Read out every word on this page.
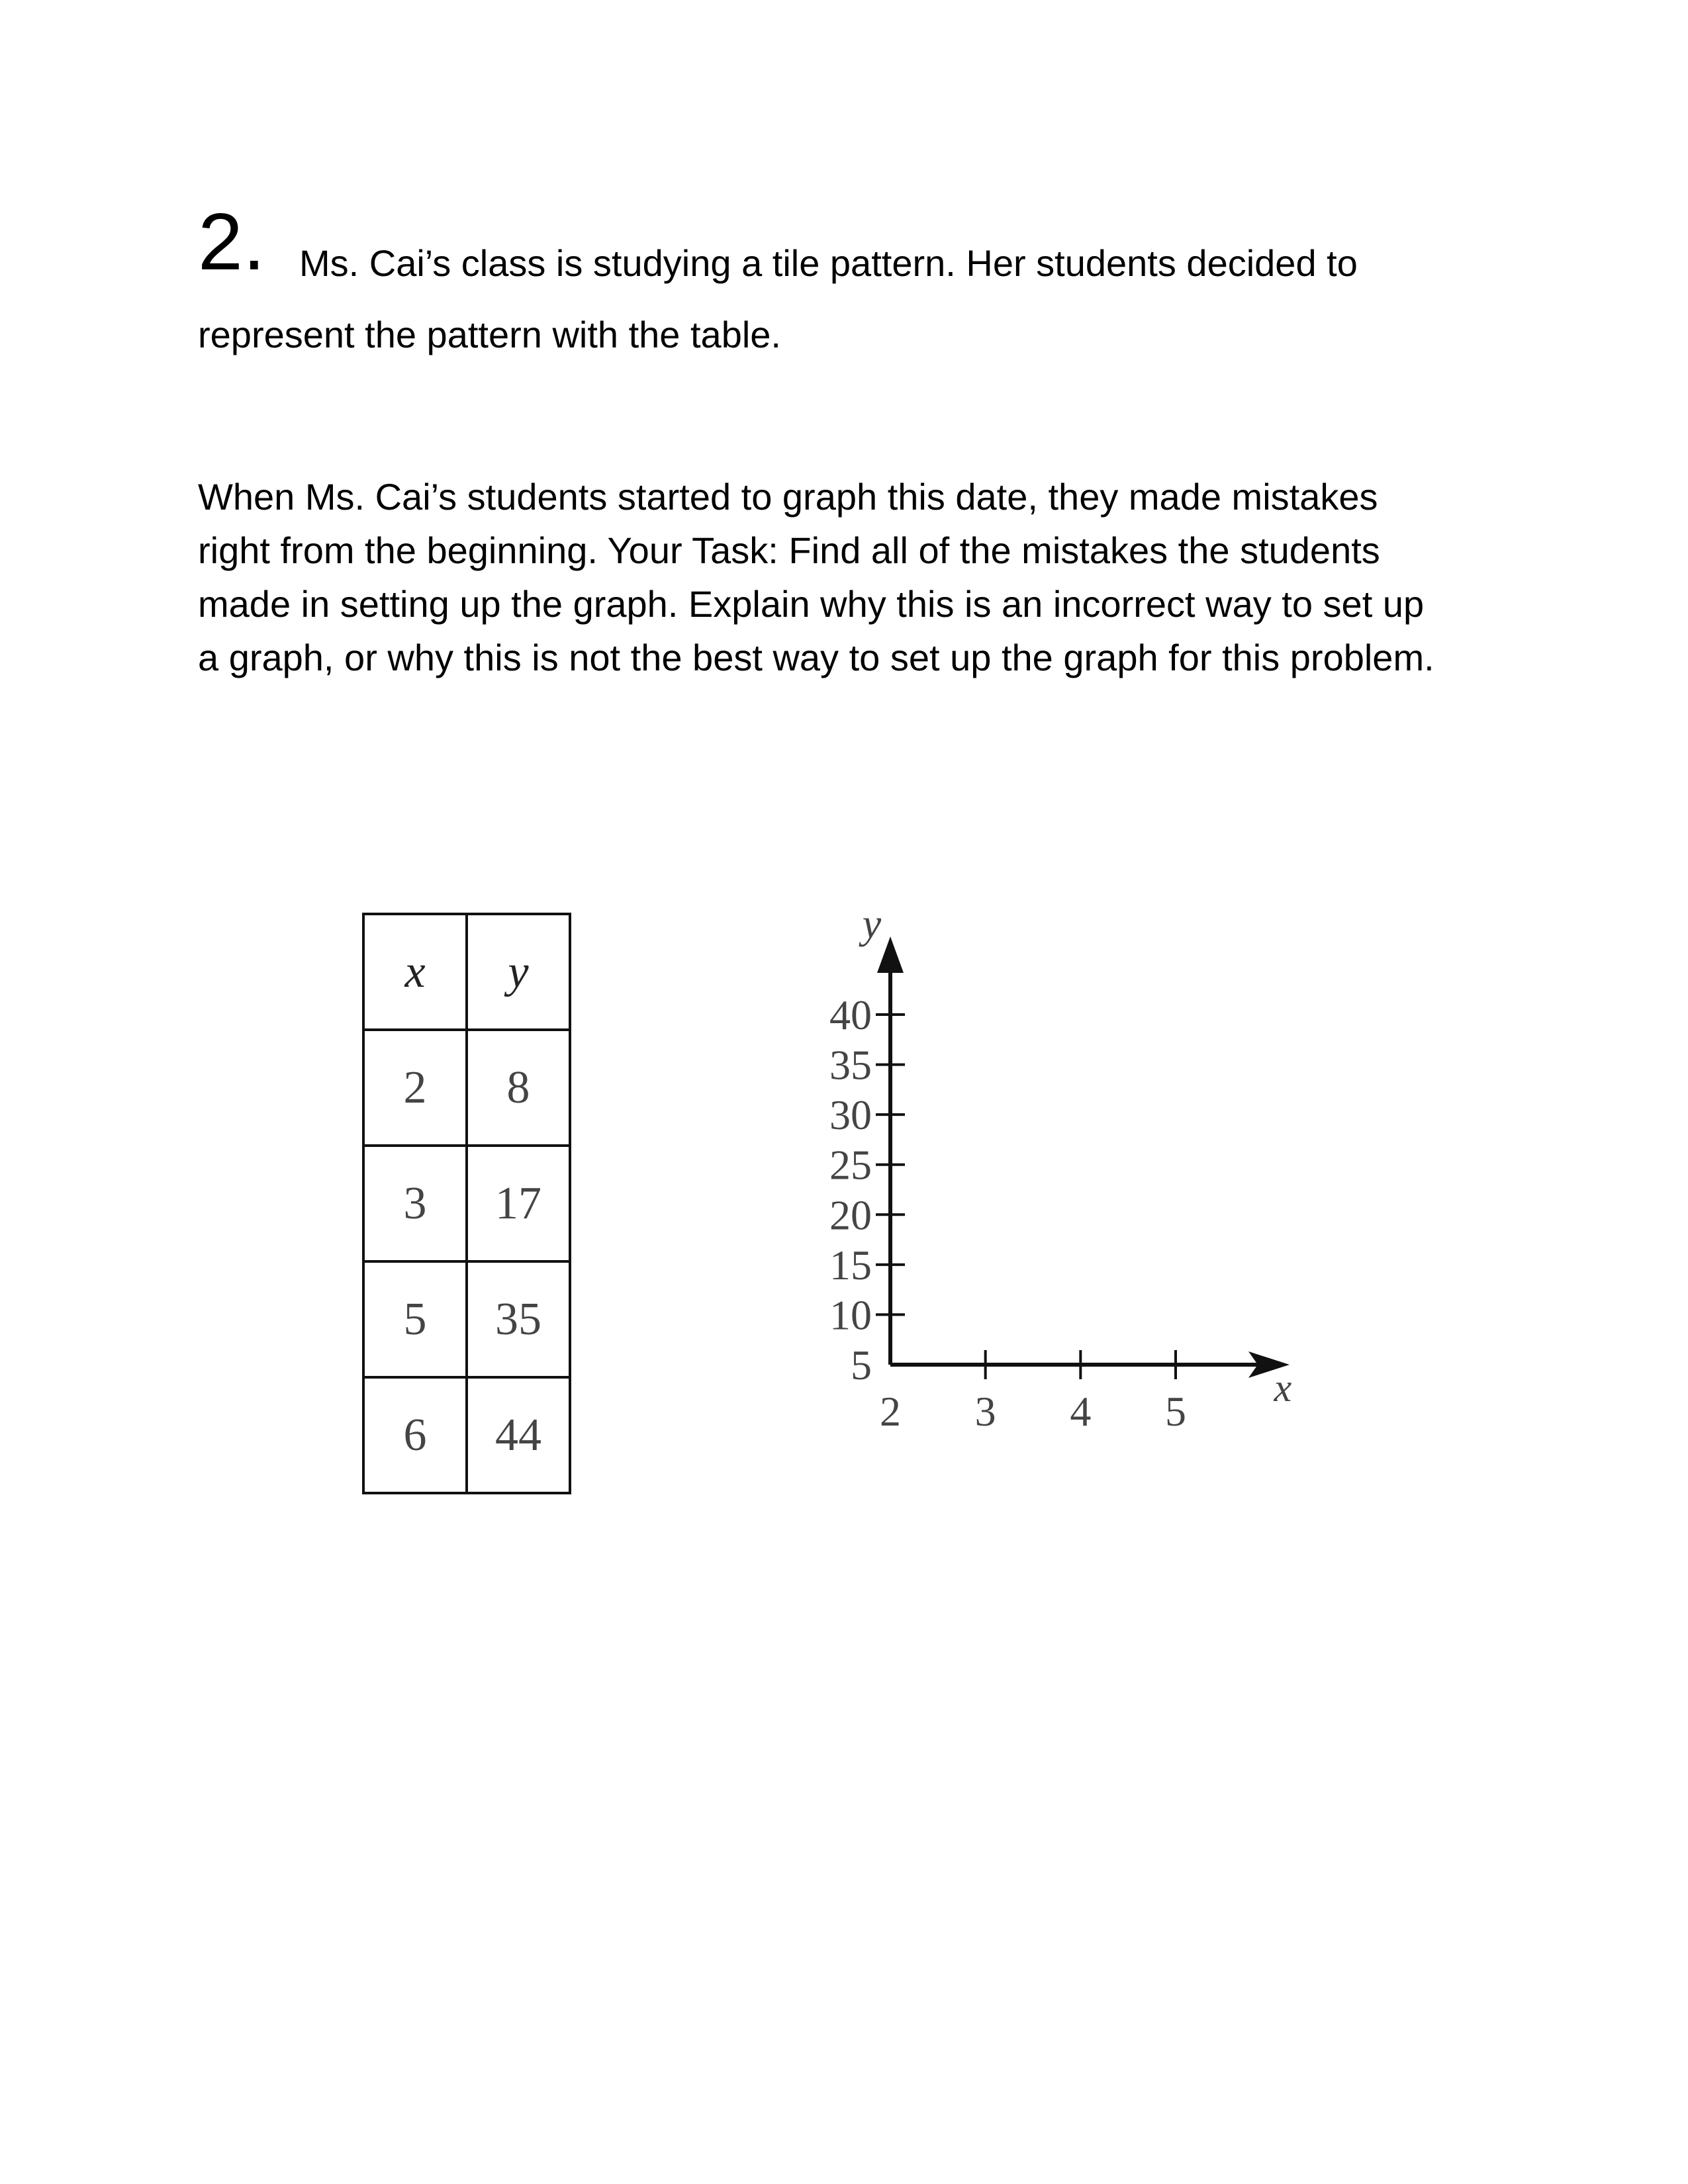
2. Ms. Cai’s class is studying a tile pattern. Her students decided to
represent the pattern with the table.
When Ms. Cai’s students started to graph this date, they made mistakes
right from the beginning. Your Task: Find all of the mistakes the students
made in setting up the graph. Explain why this is an incorrect way to set up
a graph, or why this is not the best way to set up the graph for this problem.
x	y
2	8
3	17
5	35
6	44
y
x
5
10
15
20
25
30
35
40
2 3 4 5
